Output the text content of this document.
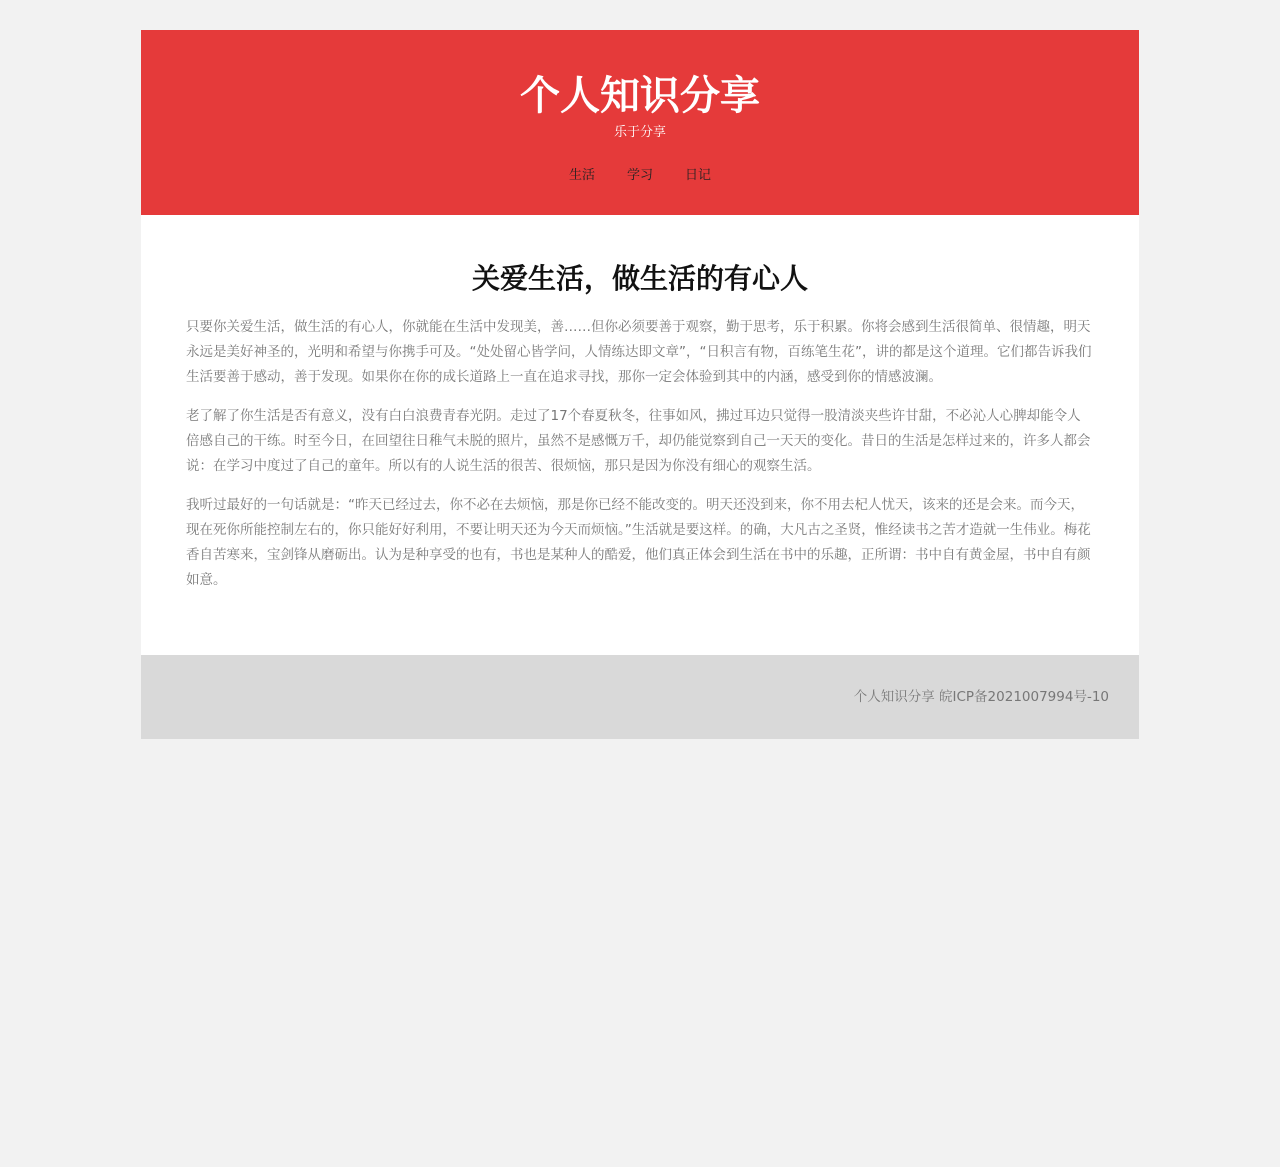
个人知识分享
乐于分享
生活	学习	日记
关爱生活，做生活的有心人

只要你关爱生活，做生活的有心人，你就能在生活中发现美，善……但你必须要善于观察，勤于思考，乐于积累。你将会感到生活很简单、很情趣，明天永远是美好神圣的，光明和希望与你携手可及。“处处留心皆学问，人情练达即文章”，“日积言有物，百练笔生花”，讲的都是这个道理。它们都告诉我们生活要善于感动，善于发现。如果你在你的成长道路上一直在追求寻找，那你一定会体验到其中的内涵，感受到你的情感波澜。

老了解了你生活是否有意义，没有白白浪费青春光阴。走过了17个春夏秋冬，往事如风，拂过耳边只觉得一股清淡夹些许甘甜，不必沁人心脾却能令人倍感自己的干练。时至今日，在回望往日稚气未脱的照片，虽然不是感慨万千，却仍能觉察到自己一天天的变化。昔日的生活是怎样过来的，许多人都会说：在学习中度过了自己的童年。所以有的人说生活的很苦、很烦恼，那只是因为你没有细心的观察生活。

我听过最好的一句话就是：“昨天已经过去，你不必在去烦恼，那是你已经不能改变的。明天还没到来，你不用去杞人忧天，该来的还是会来。而今天，现在死你所能控制左右的，你只能好好利用，不要让明天还为今天而烦恼。”生活就是要这样。的确，大凡古之圣贤，惟经读书之苦才造就一生伟业。梅花香自苦寒来，宝剑锋从磨砺出。认为是种享受的也有，书也是某种人的酷爱，他们真正体会到生活在书中的乐趣，正所谓：书中自有黄金屋，书中自有颜如意。

个人知识分享 皖ICP备2021007994号-10
